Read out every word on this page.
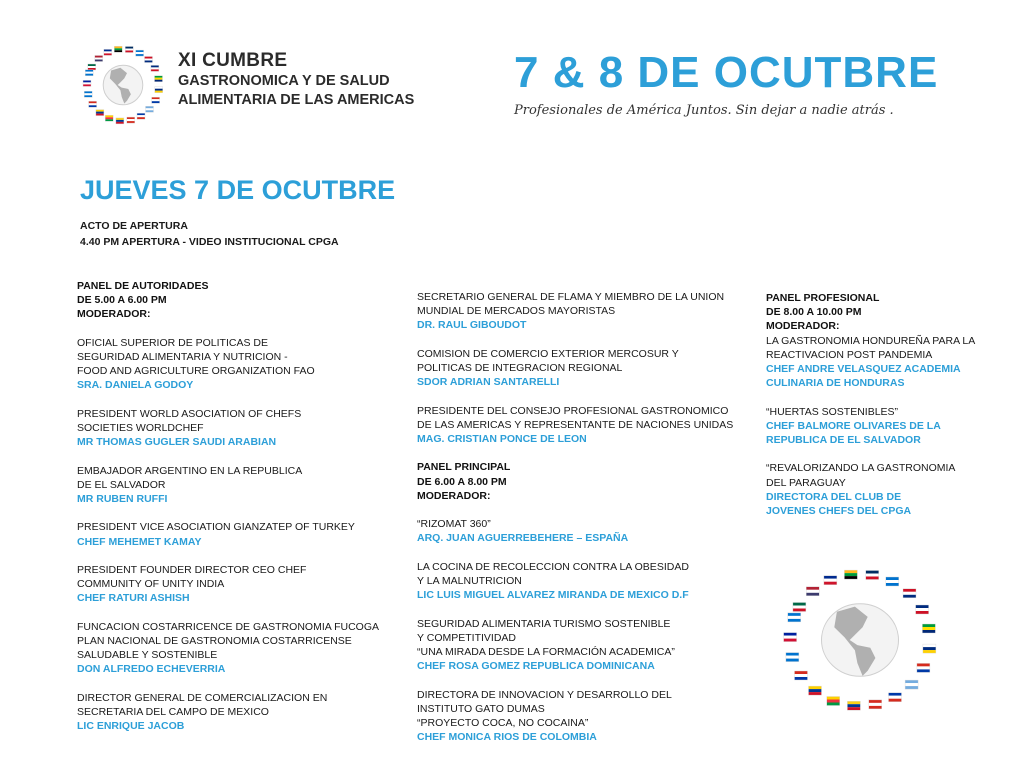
XI CUMBRE
GASTRONOMICA Y DE SALUD
ALIMENTARIA DE LAS AMERICAS
7 & 8 DE OCUTBRE
Profesionales de América Juntos. Sin dejar a nadie atrás .
JUEVES 7 DE OCUTBRE
ACTO DE APERTURA
4.40 PM APERTURA - VIDEO INSTITUCIONAL CPGA
PANEL DE AUTORIDADES
DE 5.00 A 6.00 PM
MODERADOR:
OFICIAL SUPERIOR DE POLITICAS DE
SEGURIDAD ALIMENTARIA Y NUTRICION -
FOOD AND AGRICULTURE ORGANIZATION FAO
SRA. DANIELA GODOY
PRESIDENT WORLD ASOCIATION OF CHEFS
SOCIETIES WORLDCHEF
MR THOMAS GUGLER SAUDI ARABIAN
EMBAJADOR ARGENTINO EN LA REPUBLICA
DE EL SALVADOR
MR RUBEN RUFFI
PRESIDENT VICE ASOCIATION GIANZATEP OF TURKEY
CHEF MEHEMET KAMAY
PRESIDENT FOUNDER DIRECTOR CEO CHEF
COMMUNITY OF UNITY INDIA
CHEF RATURI ASHISH
FUNCACION COSTARRICENCE DE GASTRONOMIA FUCOGA
PLAN NACIONAL DE GASTRONOMIA COSTARRICENSE
SALUDABLE Y SOSTENIBLE
DON ALFREDO ECHEVERRIA
DIRECTOR GENERAL DE COMERCIALIZACION EN
SECRETARIA DEL CAMPO DE MEXICO
LIC ENRIQUE JACOB
SECRETARIO GENERAL DE FLAMA Y MIEMBRO DE LA UNION
MUNDIAL DE MERCADOS MAYORISTAS
DR. RAUL GIBOUDOT
COMISION DE COMERCIO EXTERIOR MERCOSUR Y
POLITICAS DE INTEGRACION REGIONAL
SDOR ADRIAN SANTARELLI
PRESIDENTE DEL CONSEJO PROFESIONAL GASTRONOMICO
DE LAS AMERICAS Y REPRESENTANTE DE NACIONES UNIDAS
MAG. CRISTIAN PONCE DE LEON
PANEL PRINCIPAL
DE 6.00 A 8.00 PM
MODERADOR:
“RIZOMAT 360”
ARQ. JUAN AGUERREBEHERE – ESPAÑA
LA COCINA DE RECOLECCION CONTRA LA OBESIDAD
Y LA MALNUTRICION
LIC LUIS MIGUEL ALVAREZ MIRANDA DE MEXICO D.F
SEGURIDAD ALIMENTARIA TURISMO SOSTENIBLE
Y COMPETITIVIDAD
“UNA MIRADA DESDE LA FORMACIÓN ACADEMICA”
CHEF ROSA GOMEZ REPUBLICA DOMINICANA
DIRECTORA DE INNOVACION Y DESARROLLO DEL
INSTITUTO GATO DUMAS
“PROYECTO COCA, NO COCAINA”
CHEF MONICA RIOS DE COLOMBIA
PANEL PROFESIONAL
DE 8.00 A 10.00 PM
MODERADOR:
LA GASTRONOMIA HONDUREÑA PARA LA
REACTIVACION POST PANDEMIA
CHEF ANDRE VELASQUEZ ACADEMIA
CULINARIA DE HONDURAS
“HUERTAS SOSTENIBLES”
CHEF BALMORE OLIVARES DE LA
REPUBLICA DE EL SALVADOR
“REVALORIZANDO LA GASTRONOMIA
DEL PARAGUAY
DIRECTORA DEL CLUB DE
JOVENES CHEFS DEL CPGA
